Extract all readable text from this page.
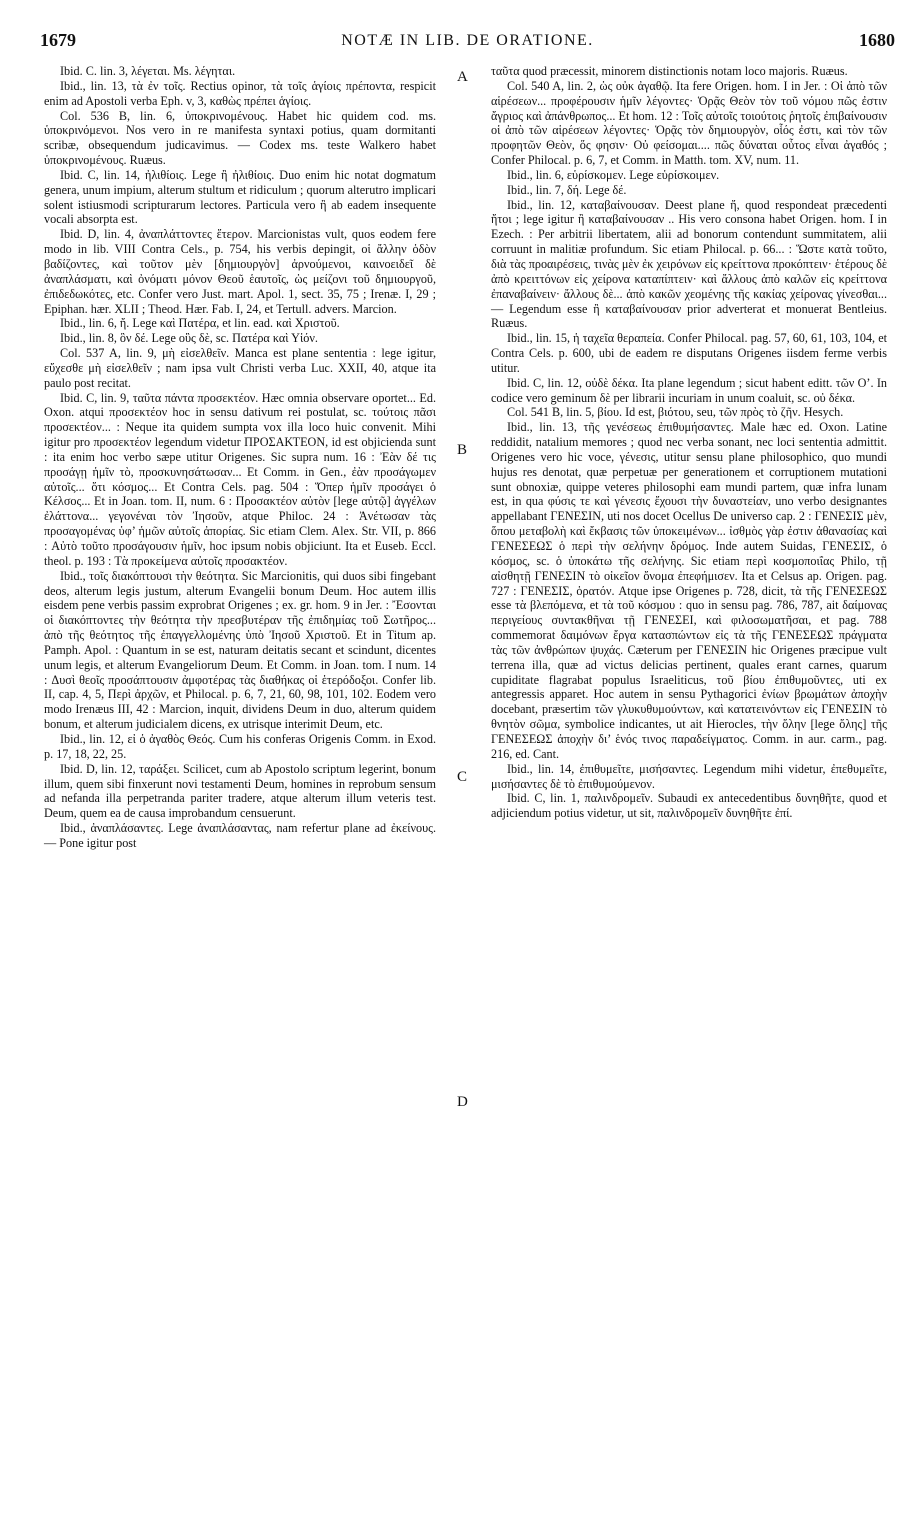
1679	NOTÆ IN LIB. DE ORATIONE.	1680

Ibid. C. lin. 3, λέγεται. Ms. λέγηται.

Ibid., lin. 13, τὰ ἐν τοῖς. Rectius opinor, τὰ τοῖς ἁγίοις πρέποντα, respicit enim ad Apostoli verba Eph. v, 3, καθὼς πρέπει ἁγίοις.

Col. 536 B, lin. 6, ὑποκρινομένους. Habet hic quidem cod. ms. ὑποκρινόμενοι. Nos vero in re manifesta syntaxi potius, quam dormitanti scribæ, obsequendum judicavimus. — Codex ms. teste Walkero habet ὑποκρινομένους. Ruæus.

Ibid. C, lin. 14, ἠλιθίοις. Lege ἢ ἠλιθίοις. Duo enim hic notat dogmatum genera, unum impium, alterum stultum et ridiculum ; quorum alterutro implicari solent istiusmodi scripturarum lectores. Particula vero ἢ ab eadem insequente vocali absorpta est.

Ibid. D, lin. 4, ἀναπλάττοντες ἕτερον. Marcionistas vult, quos eodem fere modo in lib. VIII Contra Cels., p. 754, his verbis depingit, οἱ ἄλλην ὁδὸν βαδίζοντες, καὶ τοῦτον μὲν [δημιουργὸν] ἀρνούμενοι, καινοειδεῖ δὲ ἀναπλάσματι, καὶ ὀνόματι μόνον Θεοῦ ἑαυτοῖς, ὡς μείζονι τοῦ δημιουργοῦ, ἐπιδεδωκότες, etc. Confer vero Just. mart. Apol. 1, sect. 35, 75 ; Irenæ. I, 29 ; Epiphan. hær. XLII ; Theod. Hær. Fab. I, 24, et Tertull. advers. Marcion.

Ibid., lin. 6, ἤ. Lege καὶ Πατέρα, et lin. ead. καὶ Χριστοῦ.

Ibid., lin. 8, ὃν δέ. Lege οὓς δὲ, sc. Πατέρα καὶ Υἱόν.

Col. 537 A, lin. 9, μὴ εἰσελθεῖν. Manca est plane sententia : lege igitur, εὔχεσθε μὴ εἰσελθεῖν ; nam ipsa vult Christi verba Luc. XXII, 40, atque ita paulo post recitat.

Ibid. C, lin. 9, ταῦτα πάντα προσεκτέον. Hæc omnia observare oportet... Ed. Oxon. atqui προσεκτέον hoc in sensu dativum rei postulat, sc. τούτοις πᾶσι προσεκτέον... : Neque ita quidem sumpta vox illa loco huic convenit. Mihi igitur pro προσεκτέον legendum videtur ΠΡΟΣΑΚΤΕΟΝ, id est objicienda sunt : ita enim hoc verbo sæpe utitur Origenes. Sic supra num. 16 : Ἐὰν δέ τις προσάγῃ ἡμῖν τὸ, προσκυνησάτωσαν... Et Comm. in Gen., ἐὰν προσάγωμεν αὐτοῖς... ὅτι κόσμος... Et Contra Cels. pag. 504 : Ὅπερ ἡμῖν προσάγει ὁ Κέλσος... Et in Joan. tom. II, num. 6 : Προσακτέον αὐτὸν [lege αὐτῷ] ἀγγέλων ἐλάττονα... γεγονέναι τὸν Ἰησοῦν, atque Philoc. 24 : Ἀνέτωσαν τὰς προσαγομένας ὑφ’ ἡμῶν αὐτοῖς ἀπορίας. Sic etiam Clem. Alex. Str. VII, p. 866 : Αὐτὸ τοῦτο προσάγουσιν ἡμῖν, hoc ipsum nobis objiciunt. Ita et Euseb. Eccl. theol. p. 193 : Τὰ προκείμενα αὐτοῖς προσακτέον.

Ibid., τοῖς διακόπτουσι τὴν θεότητα. Sic Marcionitis, qui duos sibi fingebant deos, alterum legis justum, alterum Evangelii bonum Deum. Hoc autem illis eisdem pene verbis passim exprobrat Origenes ; ex. gr. hom. 9 in Jer. : Ἔσονται οἱ διακόπτοντες τὴν θεότητα τὴν πρεσβυτέραν τῆς ἐπιδημίας τοῦ Σωτῆρος... ἀπὸ τῆς θεότητος τῆς ἐπαγγελλομένης ὑπὸ Ἰησοῦ Χριστοῦ. Et in Titum ap. Pamph. Apol. : Quantum in se est, naturam deitatis secant et scindunt, dicentes unum legis, et alterum Evangeliorum Deum. Et Comm. in Joan. tom. I num. 14 : Δυσὶ θεοῖς προσάπτουσιν ἀμφοτέρας τὰς διαθήκας οἱ ἑτερόδοξοι. Confer lib. II, cap. 4, 5, Περὶ ἀρχῶν, et Philocal. p. 6, 7, 21, 60, 98, 101, 102. Eodem vero modo Irenæus III, 42 : Marcion, inquit, dividens Deum in duo, alterum quidem bonum, et alterum judicialem dicens, ex utrisque interimit Deum, etc.

Ibid., lin. 12, εἰ ὁ ἀγαθὸς Θεός. Cum his conferas Origenis Comm. in Exod. p. 17, 18, 22, 25.

Ibid. D, lin. 12, ταράξει. Scilicet, cum ab Apostolo scriptum legerint, bonum illum, quem sibi finxerunt novi testamenti Deum, homines in reprobum sensum ad nefanda illa perpetranda pariter tradere, atque alterum illum veteris test. Deum, quem ea de causa improbandum censuerunt.

Ibid., ἀναπλάσαντες. Lege ἀναπλάσαντας, nam refertur plane ad ἐκείνους. — Pone igitur post

A
B
C
D

ταῦτα quod præcessit, minorem distinctionis notam loco majoris. Ruæus.

Col. 540 A, lin. 2, ὡς οὐκ ἀγαθῷ. Ita fere Origen. hom. I in Jer. : Οἱ ἀπὸ τῶν αἱρέσεων... προφέρουσιν ἡμῖν λέγοντες· Ὁρᾷς Θεὸν τὸν τοῦ νόμου πῶς ἐστιν ἄγριος καὶ ἀπάνθρωπος... Et hom. 12 : Τοῖς αὐτοῖς τοιούτοις ῥητοῖς ἐπιβαίνουσιν οἱ ἀπὸ τῶν αἱρέσεων λέγοντες· Ὁρᾷς τὸν δημιουργὸν, οἷός ἐστι, καὶ τὸν τῶν προφητῶν Θεὸν, ὅς φησιν· Οὐ φείσομαι.... πῶς δύναται οὗτος εἶναι ἀγαθός ; Confer Philocal. p. 6, 7, et Comm. in Matth. tom. XV, num. 11.

Ibid., lin. 6, εὑρίσκομεν. Lege εὑρίσκοιμεν.

Ibid., lin. 7, δή. Lege δέ.

Ibid., lin. 12, καταβαίνουσαν. Deest plane ἤ, quod respondeat præcedenti ἤτοι ; lege igitur ἢ καταβαίνουσαν .. His vero consona habet Origen. hom. I in Ezech. : Per arbitrii libertatem, alii ad bonorum contendunt summitatem, alii corruunt in malitiæ profundum. Sic etiam Philocal. p. 66... : Ὥστε κατὰ τοῦτο, διὰ τὰς προαιρέσεις, τινὰς μὲν ἐκ χειρόνων εἰς κρείττονα προκόπτειν· ἑτέρους δὲ ἀπὸ κρειττόνων εἰς χείρονα καταπίπτειν· καὶ ἄλλους ἀπὸ καλῶν εἰς κρείττονα ἐπαναβαίνειν· ἄλλους δὲ... ἀπὸ κακῶν χεομένης τῆς κακίας χείρονας γίνεσθαι... — Legendum esse ἢ καταβαίνουσαν prior adverterat et monuerat Bentleius. Ruæus.

Ibid., lin. 15, ἡ ταχεῖα θεραπεία. Confer Philocal. pag. 57, 60, 61, 103, 104, et Contra Cels. p. 600, ubi de eadem re disputans Origenes iisdem ferme verbis utitur.

Ibid. C, lin. 12, οὐδὲ δέκα. Ita plane legendum ; sicut habent editt. τῶν Ο’. In codice vero geminum δὲ per librarii incuriam in unum coaluit, sc. οὐ δέκα.

Col. 541 B, lin. 5, βίου. Id est, βιότου, seu, τῶν πρὸς τὸ ζῆν. Hesych.

Ibid., lin. 13, τῆς γενέσεως ἐπιθυμήσαντες. Male hæc ed. Oxon. Latine reddidit, natalium memores ; quod nec verba sonant, nec loci sententia admittit. Origenes vero hic voce, γένεσις, utitur sensu plane philosophico, quo mundi hujus res denotat, quæ perpetuæ per generationem et corruptionem mutationi sunt obnoxiæ, quippe veteres philosophi eam mundi partem, quæ infra lunam est, in qua φύσις τε καὶ γένεσις ἔχουσι τὴν δυναστείαν, uno verbo designantes appellabant ΓΕΝΕΣΙΝ, uti nos docet Ocellus De universo cap. 2 : ΓΕΝΕΣΙΣ μὲν, ὅπου μεταβολὴ καὶ ἔκβασις τῶν ὑποκειμένων... ἰσθμὸς γὰρ ἐστιν ἀθανασίας καὶ ΓΕΝΕΣΕΩΣ ὁ περὶ τὴν σελήνην δρόμος. Inde autem Suidas, ΓΕΝΕΣΙΣ, ὁ κόσμος, sc. ὁ ὑποκάτω τῆς σελήνης. Sic etiam περὶ κοσμοποιΐας Philo, τῇ αἰσθητῇ ΓΕΝΕΣΙΝ τὸ οἰκεῖον ὄνομα ἐπεφήμισεν. Ita et Celsus ap. Origen. pag. 727 : ΓΕΝΕΣΙΣ, ὁρατόν. Atque ipse Origenes p. 728, dicit, τὰ τῆς ΓΕΝΕΣΕΩΣ esse τὰ βλεπόμενα, et τὰ τοῦ κόσμου : quo in sensu pag. 786, 787, ait δαίμονας περιγείους συντακθῆναι τῇ ΓΕΝΕΣΕΙ, καὶ φιλοσωματῆσαι, et pag. 788 commemorat δαιμόνων ἔργα κατασπώντων εἰς τὰ τῆς ΓΕΝΕΣΕΩΣ πράγματα τὰς τῶν ἀνθρώπων ψυχάς. Cæterum per ΓΕΝΕΣΙΝ hic Origenes præcipue vult terrena illa, quæ ad victus delicias pertinent, quales erant carnes, quarum cupiditate flagrabat populus Israeliticus, τοῦ βίου ἐπιθυμοῦντες, uti ex antegressis apparet. Hoc autem in sensu Pythagorici ἐνίων βρωμάτων ἀποχὴν docebant, præsertim τῶν γλυκυθυμούντων, καὶ κατατεινόντων εἰς ΓΕΝΕΣΙΝ τὸ θνητὸν σῶμα, symbolice indicantes, ut ait Hierocles, τὴν ὅλην [lege ὅλης] τῆς ΓΕΝΕΣΕΩΣ ἀποχὴν δι’ ἑνός τινος παραδείγματος. Comm. in aur. carm., pag. 216, ed. Cant.

Ibid., lin. 14, ἐπιθυμεῖτε, μισήσαντες. Legendum mihi videtur, ἐπεθυμεῖτε, μισήσαντες δὲ τὸ ἐπιθυμούμενον.

Ibid. C, lin. 1, παλινδρομεῖν. Subaudi ex antecedentibus δυνηθῆτε, quod et adjiciendum potius videtur, ut sit, παλινδρομεῖν δυνηθῆτε ἐπί.
